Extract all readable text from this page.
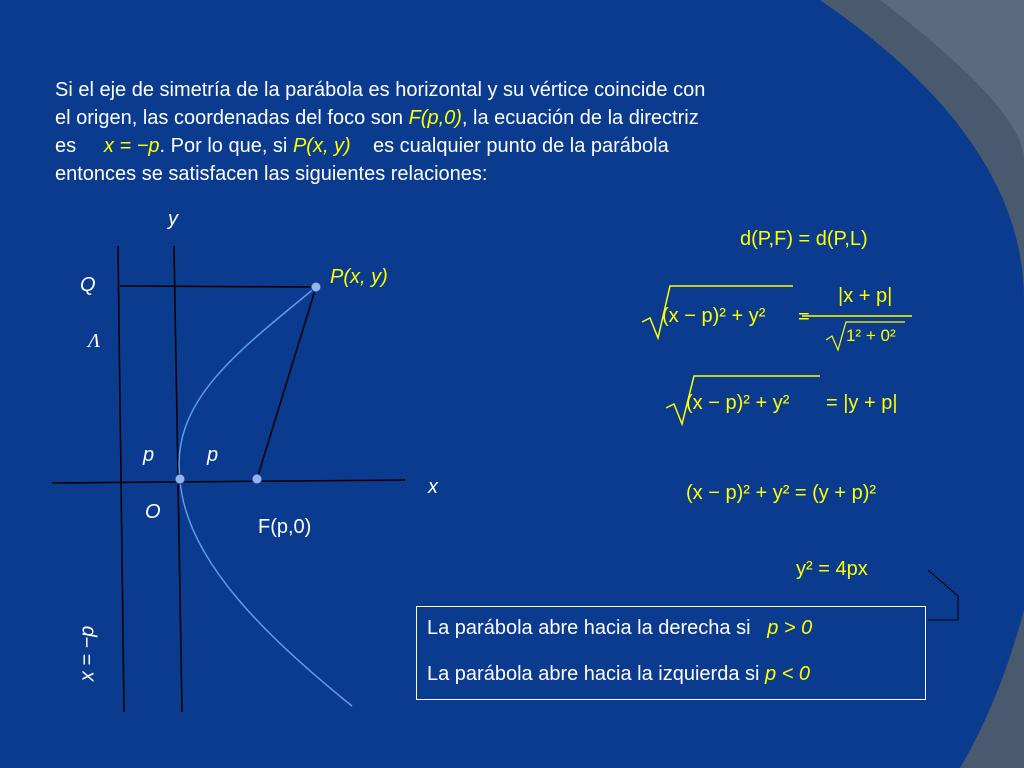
Si el eje de simetría de la parábola es horizontal y su vértice coincide con
el origen, las coordenadas del foco son F(p,0), la ecuación de la directriz
es     x = −p. Por lo que, si P(x, y)    es cualquier punto de la parábola
entonces se satisfacen las siguientes relaciones:
y
x
Q
Λ
P(x, y)
p	p
O
F(p,0)
x = −p
d(P,F) = d(P,L)
(x − p)² + y² =
|x + p|
1² + 0²
(x − p)² + y² = |y + p|
(x − p)² + y² = (y + p)²
y² = 4px
La parábola abre hacia la derecha si p > 0
La parábola abre hacia la izquierda si p < 0
